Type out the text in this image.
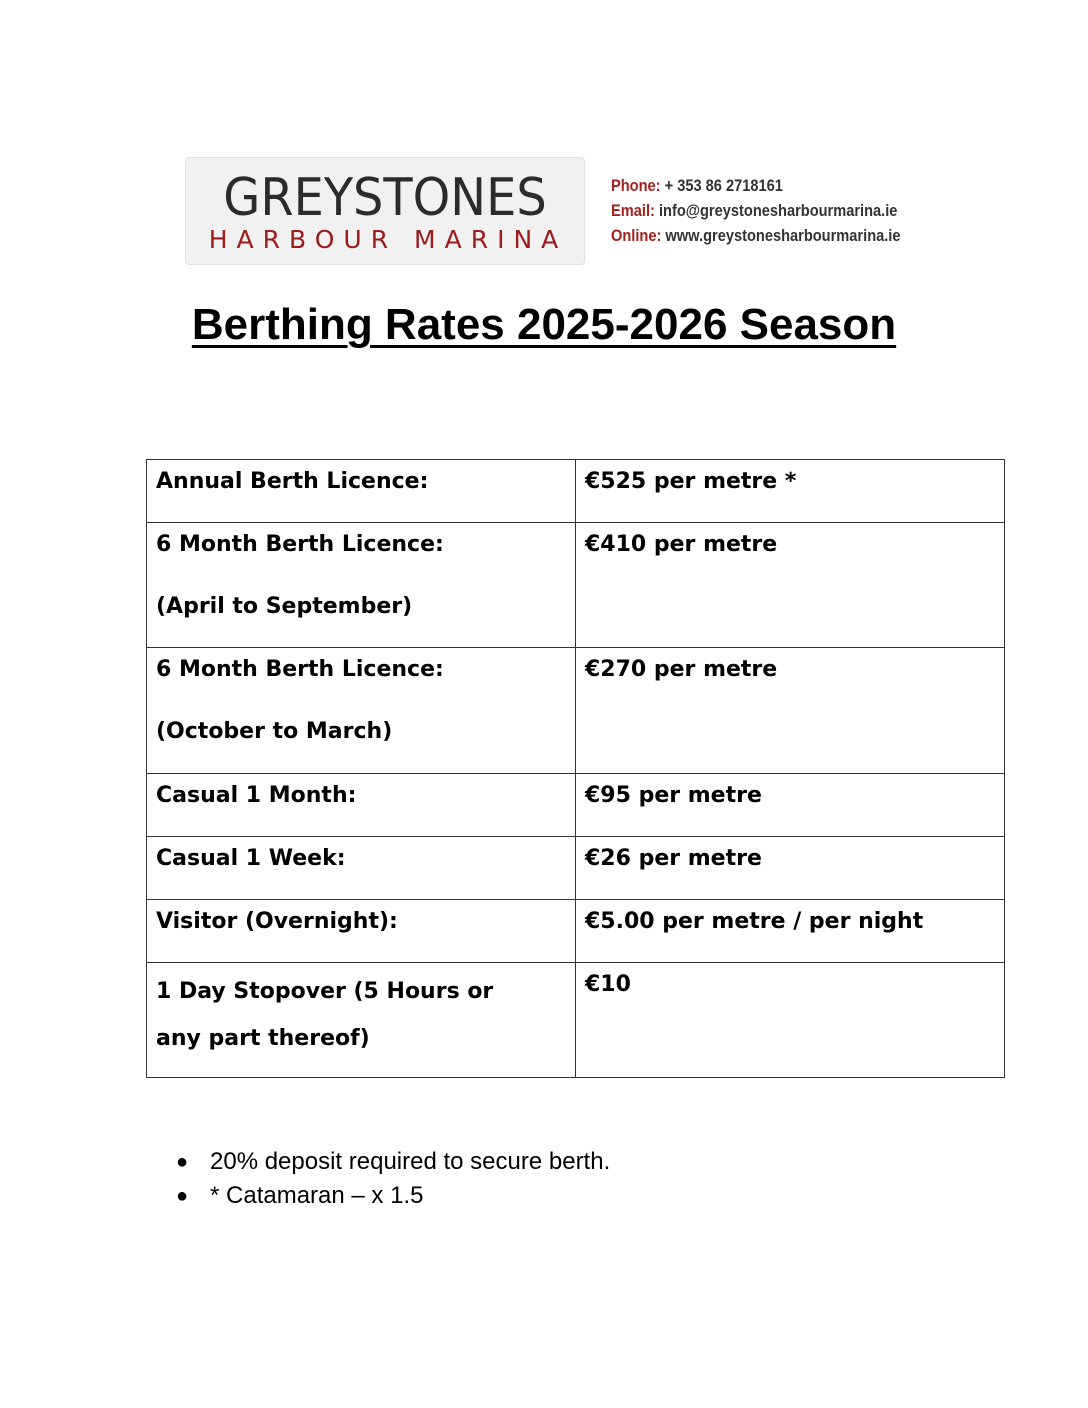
GREYSTONES
HARBOUR MARINA
Phone: + 353 86 2718161
Email: info@greystonesharbourmarina.ie
Online: www.greystonesharbourmarina.ie
Berthing Rates 2025-2026 Season
Annual Berth Licence:	€525 per metre *
6 Month Berth Licence:
(April to September)	€410 per metre
6 Month Berth Licence:
(October to March)	€270 per metre
Casual 1 Month:	€95 per metre
Casual 1 Week:	€26 per metre
Visitor (Overnight):	€5.00 per metre / per night

1 Day Stopover (5 Hours or
any part thereof)	€10
● 20% deposit required to secure berth.
● * Catamaran – x 1.5
